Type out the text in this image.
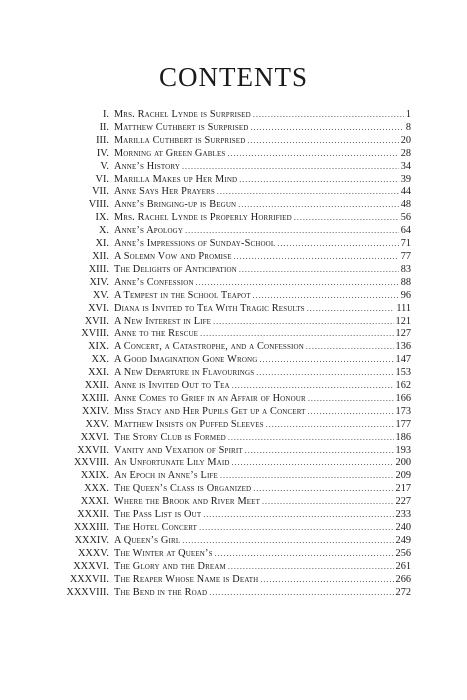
CONTENTS
I. Mrs. Rachel Lynde is Surprised .....	1
II. Matthew Cuthbert is Surprised .....	8
III. Marilla Cuthbert is Surprised .....	20
IV. Morning at Green Gables .....	28
V. Anne’s History .....	34
VI. Marilla Makes up Her Mind .....	39
VII. Anne Says Her Prayers .....	44
VIII. Anne’s Bringing-up is Begun .....	48
IX. Mrs. Rachel Lynde is Properly Horrified .....	56
X. Anne’s Apology .....	64
XI. Anne’s Impressions of Sunday-School .....	71
XII. A Solemn Vow and Promise .....	77
XIII. The Delights of Anticipation .....	83
XIV. Anne’s Confession .....	88
XV. A Tempest in the School Teapot .....	96
XVI. Diana is Invited to Tea With Tragic Results .....	111
XVII. A New Interest in Life .....	121
XVIII. Anne to the Rescue .....	127
XIX. A Concert, a Catastrophe, and a Confession .....	136
XX. A Good Imagination Gone Wrong .....	147
XXI. A New Departure in Flavourings .....	153
XXII. Anne is Invited Out to Tea .....	162
XXIII. Anne Comes to Grief in an Affair of Honour .....	166
XXIV. Miss Stacy and Her Pupils Get up a Concert .....	173
XXV. Matthew Insists on Puffed Sleeves .....	177
XXVI. The Story Club is Formed .....	186
XXVII. Vanity and Vexation of Spirit .....	193
XXVIII. An Unfortunate Lily Maid .....	200
XXIX. An Epoch in Anne’s Life .....	209
XXX. The Queen’s Class is Organized .....	217
XXXI. Where the Brook and River Meet .....	227
XXXII. The Pass List is Out .....	233
XXXIII. The Hotel Concert .....	240
XXXIV. A Queen’s Girl .....	249
XXXV. The Winter at Queen’s .....	256
XXXVI. The Glory and the Dream .....	261
XXXVII. The Reaper Whose Name is Death .....	266
XXXVIII. The Bend in the Road .....	272
